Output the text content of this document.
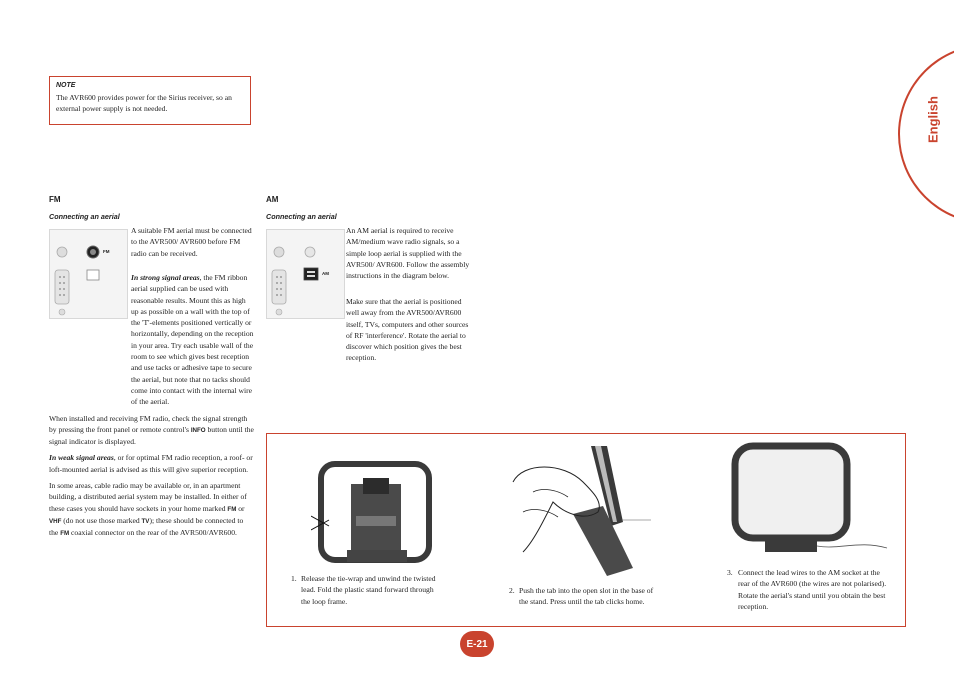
English
NOTE
The AVR600 provides power for the Sirius receiver, so an external power supply is not needed.
FM
Connecting an aerial
FM

A suitable FM aerial must be connected to the AVR500/ AVR600 before FM radio can be received.

In strong signal areas, the FM ribbon aerial supplied can be used with reasonable results. Mount this as high up as possible on a wall with the top of the 'T'-elements positioned vertically or horizontally, depending on the reception in your area. Try each usable wall of the room to see which gives best reception and use tacks or adhesive tape to secure the aerial, but note that no tacks should come into contact with the internal wire of the aerial.

When installed and receiving FM radio, check the signal strength by pressing the front panel or remote control's INFO button until the signal indicator is displayed.

In weak signal areas, or for optimal FM radio reception, a roof- or loft-mounted aerial is advised as this will give superior reception.

In some areas, cable radio may be available or, in an apartment building, a distributed aerial system may be installed. In either of these cases you should have sockets in your home marked FM or VHF (do not use those marked TV); these should be connected to the FM coaxial connector on the rear of the AVR500/AVR600.

AM
Connecting an aerial
AM
An AM aerial is required to receive AM/medium wave radio signals, so a simple loop aerial is supplied with the AVR500/ AVR600. Follow the assembly instructions in the diagram below.

Make sure that the aerial is positioned well away from the AVR500/AVR600 itself, TVs, computers and other sources of RF 'interference'. Rotate the aerial to discover which position gives the best reception.

1. Release the tie-wrap and unwind the twisted lead. Fold the plastic stand forward through the loop frame.
2. Push the tab into the open slot in the base of the stand. Press until the tab clicks home.
3. Connect the lead wires to the AM socket at the rear of the AVR600 (the wires are not polarised). Rotate the aerial's stand until you obtain the best reception.
E-21
